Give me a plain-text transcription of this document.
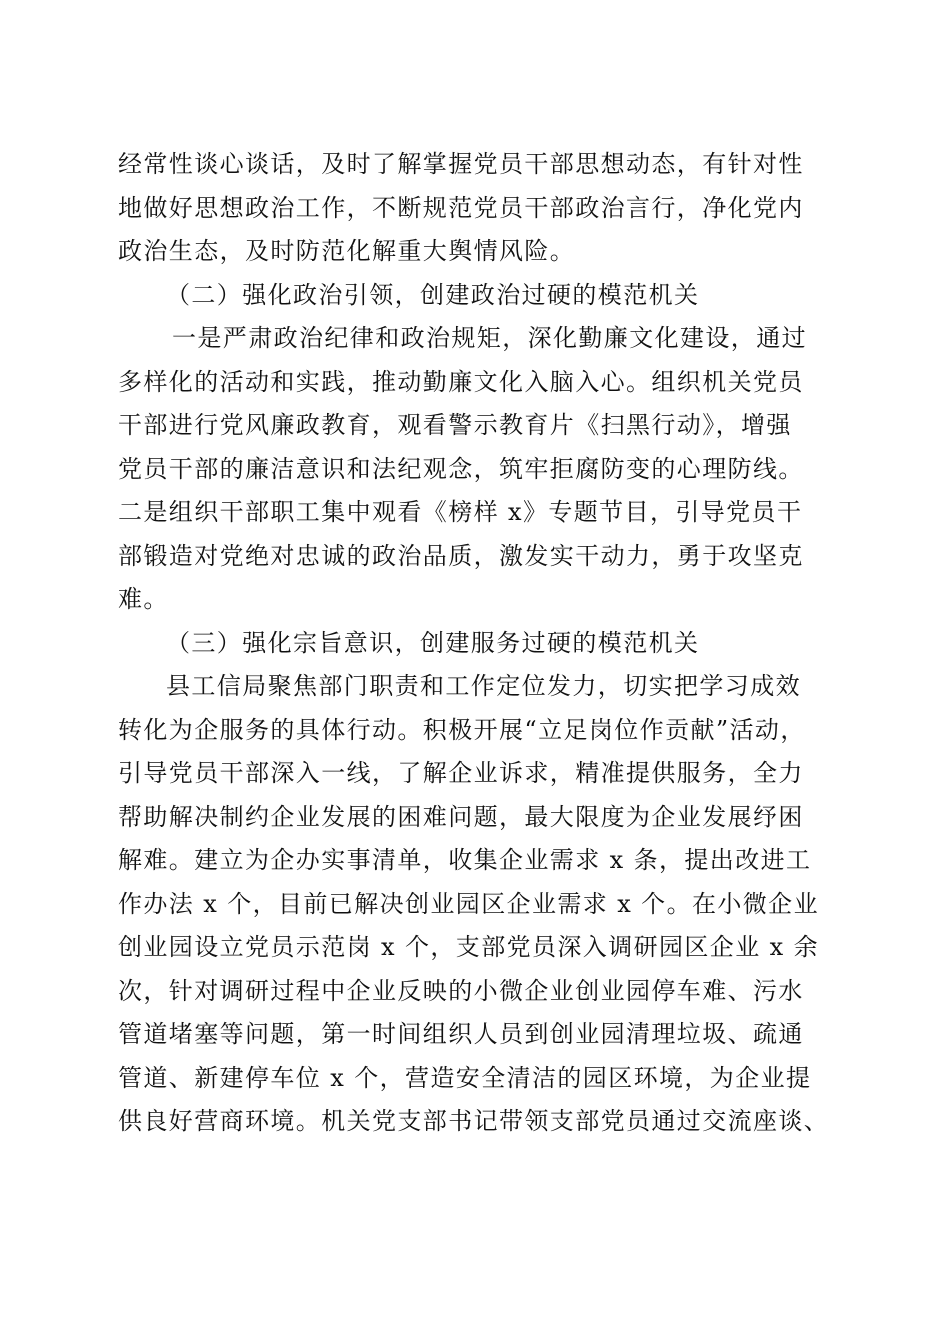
经常性谈心谈话，及时了解掌握党员干部思想动态，有针对性
地做好思想政治工作，不断规范党员干部政治言行，净化党内
政治生态，及时防范化解重大舆情风险。
（二）强化政治引领，创建政治过硬的模范机关
一是严肃政治纪律和政治规矩，深化勤廉文化建设，通过
多样化的活动和实践，推动勤廉文化入脑入心。组织机关党员
干部进行党风廉政教育，观看警示教育片《扫黑行动》，增强
党员干部的廉洁意识和法纪观念，筑牢拒腐防变的心理防线。
二是组织干部职工集中观看《榜样 x》专题节目，引导党员干
部锻造对党绝对忠诚的政治品质，激发实干动力，勇于攻坚克
难。
（三）强化宗旨意识，创建服务过硬的模范机关
县工信局聚焦部门职责和工作定位发力，切实把学习成效
转化为企服务的具体行动。积极开展“立足岗位作贡献”活动，
引导党员干部深入一线，了解企业诉求，精准提供服务，全力
帮助解决制约企业发展的困难问题，最大限度为企业发展纾困
解难。建立为企办实事清单，收集企业需求 x 条，提出改进工
作办法 x 个，目前已解决创业园区企业需求 x 个。在小微企业
创业园设立党员示范岗 x 个，支部党员深入调研园区企业 x 余
次，针对调研过程中企业反映的小微企业创业园停车难、污水
管道堵塞等问题，第一时间组织人员到创业园清理垃圾、疏通
管道、新建停车位 x 个，营造安全清洁的园区环境，为企业提
供良好营商环境。机关党支部书记带领支部党员通过交流座谈、
